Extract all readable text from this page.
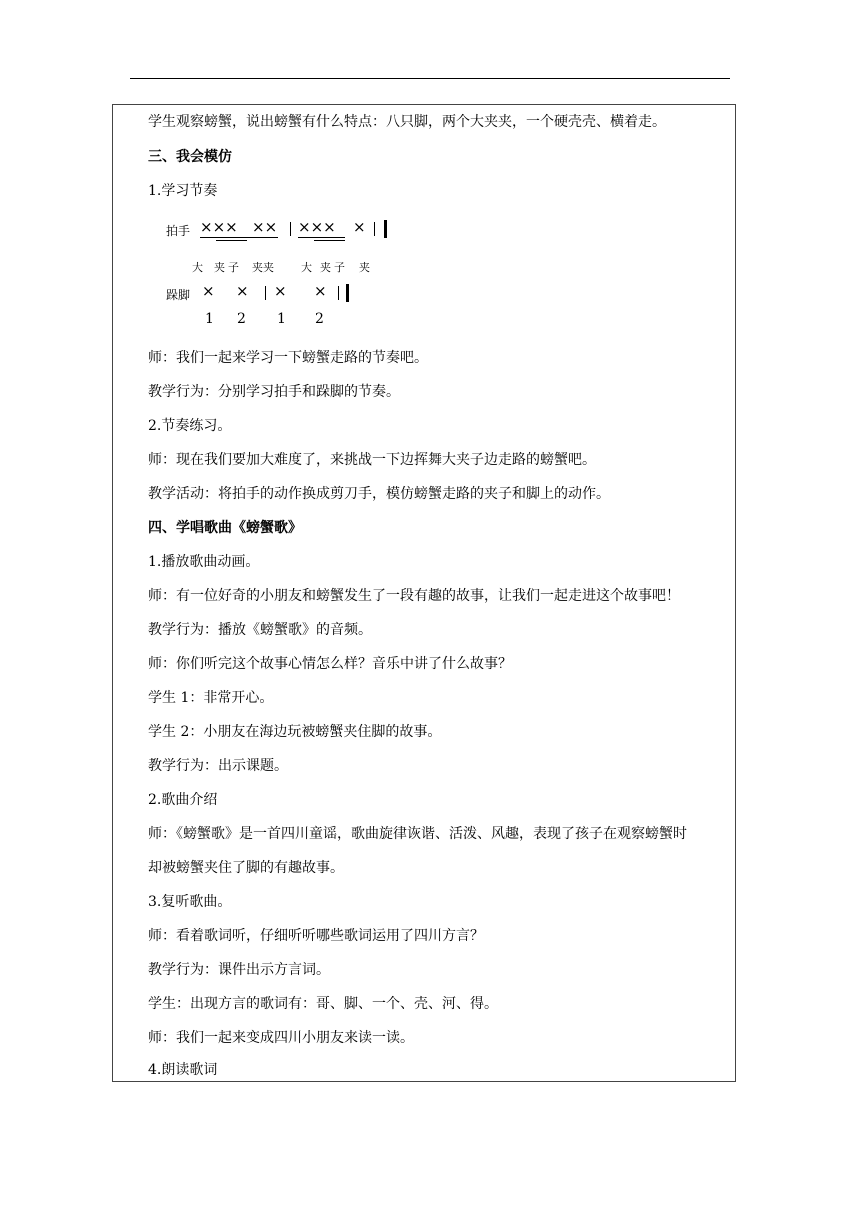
学生观察螃蟹，说出螃蟹有什么特点：八只脚，两个大夹夹，一个硬壳壳、横着走。
三、我会模仿
1.学习节奏
拍手 ××× ×× ××× ×
大 夹子 夹夹 大 夹子 夹
跺脚 × × × ×
1 2 1 2
师：我们一起来学习一下螃蟹走路的节奏吧。
教学行为：分别学习拍手和跺脚的节奏。
2.节奏练习。
师：现在我们要加大难度了，来挑战一下边挥舞大夹子边走路的螃蟹吧。
教学活动：将拍手的动作换成剪刀手，模仿螃蟹走路的夹子和脚上的动作。
四、学唱歌曲《螃蟹歌》
1.播放歌曲动画。
师：有一位好奇的小朋友和螃蟹发生了一段有趣的故事，让我们一起走进这个故事吧！
教学行为：播放《螃蟹歌》的音频。
师：你们听完这个故事心情怎么样？音乐中讲了什么故事？
学生 1：非常开心。
学生 2：小朋友在海边玩被螃蟹夹住脚的故事。
教学行为：出示课题。
2.歌曲介绍
师：《螃蟹歌》是一首四川童谣，歌曲旋律诙谐、活泼、风趣，表现了孩子在观察螃蟹时
却被螃蟹夹住了脚的有趣故事。
3.复听歌曲。
师：看着歌词听，仔细听听哪些歌词运用了四川方言？
教学行为：课件出示方言词。
学生：出现方言的歌词有：哥、脚、一个、壳、河、得。
师：我们一起来变成四川小朋友来读一读。
4.朗读歌词
